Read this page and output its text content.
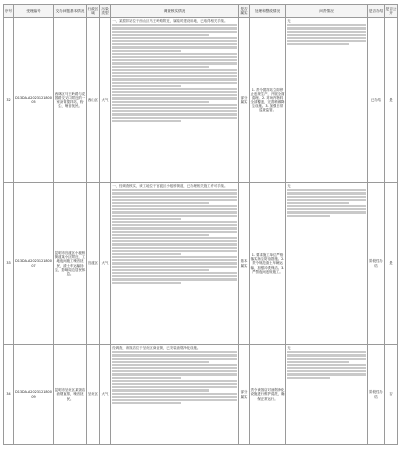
序号	受理编号	交办问题基本情况	行政区域	污染类型	调查核实情况	是否属实	处理和整改情况	问责情况	是否办结	是否公开
32	D13DA-A202312180005	西林区马王岭路与花园路交叉口附近的一家沥青搅拌站，粉尘、噪音扰民。	西山区	大气	一、某搅拌站位于西山区马王岭路附近，属临时建设用地，已取得相关手续。	部分属实	1. 责令搅拌站立即停止违规生产，开展全面清理。2. 对场内物料全部覆盖，完善喷淋降尘设施。3. 加强日常巡查监管。	无	已办结	是
33	D13DA-A202312180007	昆明市官渡区小板桥街道某小区附近，工地夜间施工噪音扰民，渣土车运输扬尘，影响周边居民休息。	官渡区	大气	一、经调查核实，该工地位于官渡区小板桥街道，已办理相关施工许可手续。	基本属实	1. 要求施工单位严格落实扬尘防治措施。2. 责令规范渣土车辆运输，加强冲洗保洁。3. 严禁夜间违规施工。	无	阶段性办结	是
34	D13DA-A202312180009	昆明市呈贡区某饭店油烟直排，噪音扰民。	呈贡区	大气	经调查，该饭店位于呈贡区商业街，已安装油烟净化设施。	部分属实	责令该饭店对油烟净化设施进行维护清洗，确保正常运行。	无	阶段性办结	否
